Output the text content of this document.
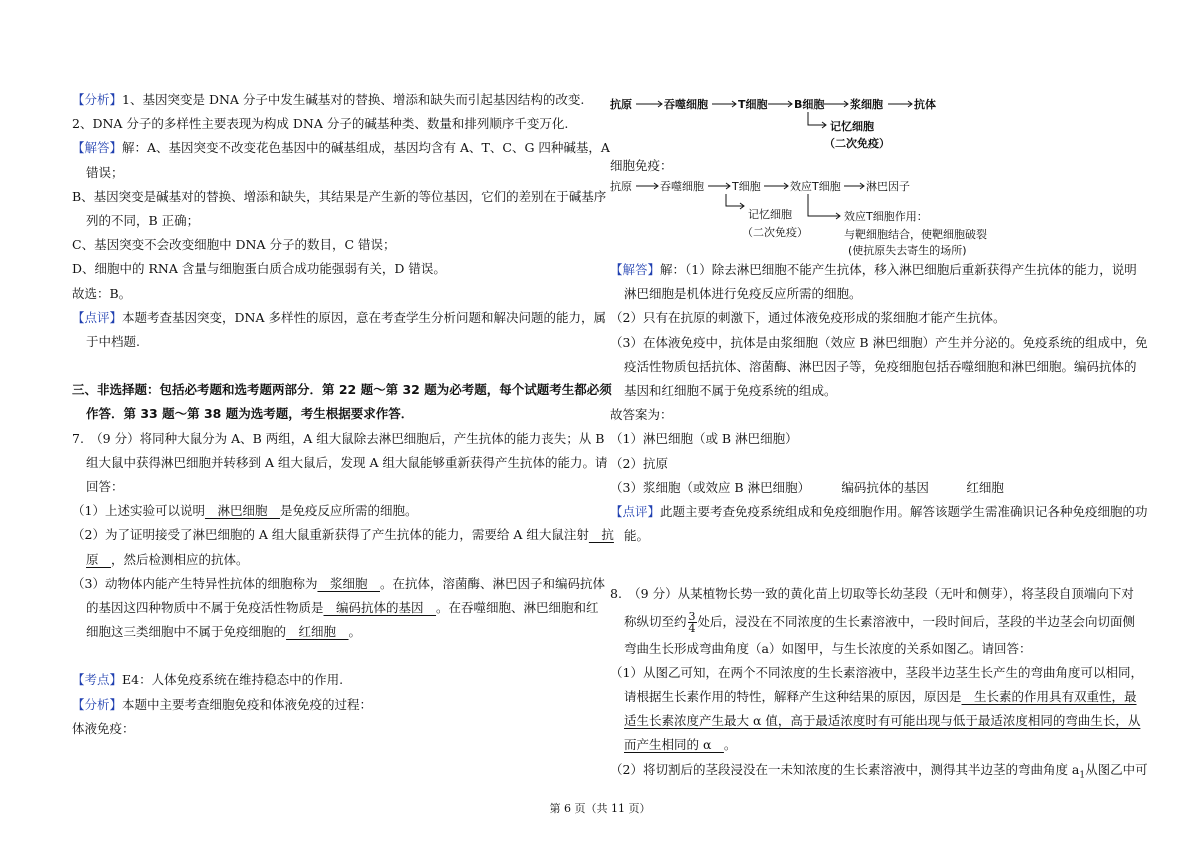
【分析】1、基因突变是 DNA 分子中发生碱基对的替换、增添和缺失而引起基因结构的改变.

2、DNA 分子的多样性主要表现为构成 DNA 分子的碱基种类、数量和排列顺序千变万化.

【解答】解：A、基因突变不改变花色基因中的碱基组成，基因均含有 A、T、C、G 四种碱基，A

错误；

B、基因突变是碱基对的替换、增添和缺失，其结果是产生新的等位基因，它们的差别在于碱基序

列的不同，B 正确；

C、基因突变不会改变细胞中 DNA 分子的数目，C 错误；

D、细胞中的 RNA 含量与细胞蛋白质合成功能强弱有关，D 错误。

故选：B。

【点评】本题考查基因突变，DNA 多样性的原因，意在考查学生分析问题和解决问题的能力，属

于中档题.

三、非选择题：包括必考题和选考题两部分．第 22 题～第 32 题为必考题，每个试题考生都必须

作答．第 33 题～第 38 题为选考题，考生根据要求作答．

7.　（9 分）将同种大鼠分为 A、B 两组，A 组大鼠除去淋巴细胞后，产生抗体的能力丧失；从 B

组大鼠中获得淋巴细胞并转移到 A 组大鼠后，发现 A 组大鼠能够重新获得产生抗体的能力。请

回答：

（1）上述实验可以说明　淋巴细胞　是免疫反应所需的细胞。

（2）为了证明接受了淋巴细胞的 A 组大鼠重新获得了产生抗体的能力，需要给 A 组大鼠注射　抗

原　，然后检测相应的抗体。

（3）动物体内能产生特异性抗体的细胞称为　浆细胞　。在抗体，溶菌酶、淋巴因子和编码抗体

的基因这四种物质中不属于免疫活性物质是　编码抗体的基因　。在吞噬细胞、淋巴细胞和红

细胞这三类细胞中不属于免疫细胞的　红细胞　。

【考点】E4：人体免疫系统在维持稳态中的作用.

【分析】本题中主要考查细胞免疫和体液免疫的过程：

体液免疫：

抗原	吞噬细胞	T细胞 B细胞 浆细胞	抗体
记忆细胞
（二次免疫）

细胞免疫：

抗原	吞噬细胞	T细胞	效应T细胞 淋巴因子
记忆细胞
（二次免疫）
效应T细胞作用：
与靶细胞结合，使靶细胞破裂
(使抗原失去寄生的场所)

【解答】解：（1）除去淋巴细胞不能产生抗体，移入淋巴细胞后重新获得产生抗体的能力，说明

淋巴细胞是机体进行免疫反应所需的细胞。

（2）只有在抗原的刺激下，通过体液免疫形成的浆细胞才能产生抗体。

（3）在体液免疫中，抗体是由浆细胞（效应 B 淋巴细胞）产生并分泌的。免疫系统的组成中，免

疫活性物质包括抗体、溶菌酶、淋巴因子等，免疫细胞包括吞噬细胞和淋巴细胞。编码抗体的

基因和红细胞不属于免疫系统的组成。

故答案为：

（1）淋巴细胞（或 B 淋巴细胞）

（2）抗原

（3）浆细胞（或效应 B 淋巴细胞）　　　编码抗体的基因　　　红细胞

【点评】此题主要考查免疫系统组成和免疫细胞作用。解答该题学生需准确识记各种免疫细胞的功

能。

8.　（9 分）从某植物长势一致的黄化苗上切取等长幼茎段（无叶和侧芽），将茎段自顶端向下对

称纵切至约 $\frac{3}{4}$ 处后，浸没在不同浓度的生长素溶液中，一段时间后，茎段的半边茎会向切面侧

弯曲生长形成弯曲角度（a）如图甲，与生长浓度的关系如图乙。请回答：

（1）从图乙可知，在两个不同浓度的生长素溶液中，茎段半边茎生长产生的弯曲角度可以相同，

请根据生长素作用的特性，解释产生这种结果的原因，原因是　生长素的作用具有双重性，最

适生长素浓度产生最大 α 值，高于最适浓度时有可能出现与低于最适浓度相同的弯曲生长，从

而产生相同的 α　。

（2）将切割后的茎段浸没在一未知浓度的生长素溶液中，测得其半边茎的弯曲角度 $a_1$从图乙中可

第 6 页（共 11 页）
